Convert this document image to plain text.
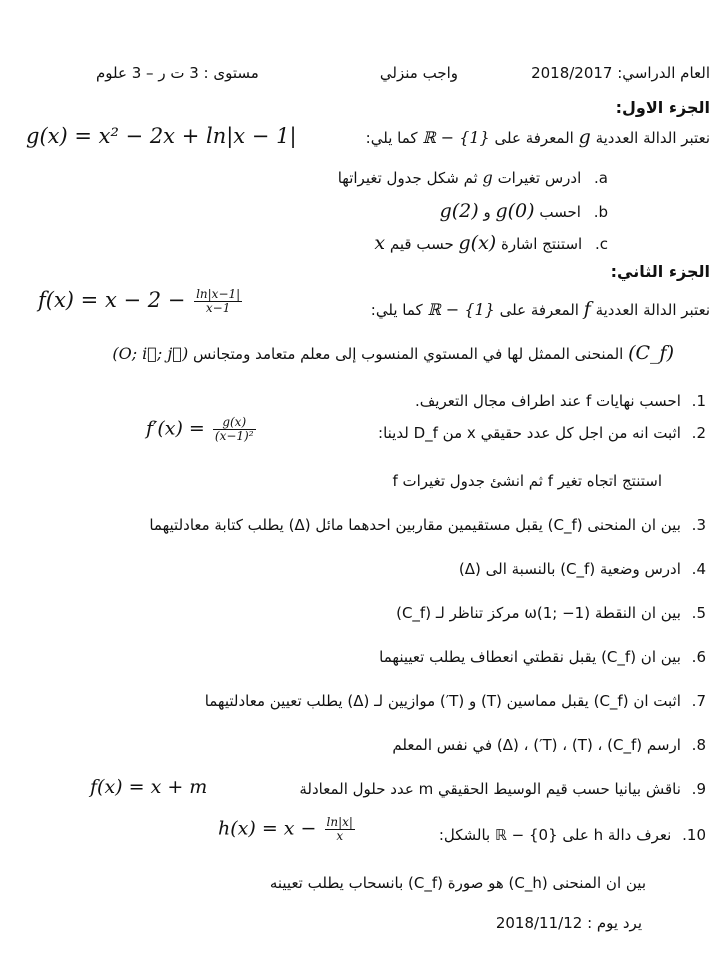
العام الدراسي: 2018/2017
واجب منزلي
مستوى : 3 ت ر – 3 علوم
الجزء الاول:
نعتبر الدالة العددية g المعرفة على ℝ − {1} كما يلي:
g(x) = x² − 2x + ln|x − 1|
a. ادرس تغيرات g ثم شكل جدول تغيراتها
b. احسب g(0) و g(2)
c. استنتج اشارة g(x) حسب قيم x
الجزء الثاني:
نعتبر الدالة العددية f المعرفة على ℝ − {1} كما يلي:
$f(x) = x - 2 - \frac{\ln|x-1|}{x-1}$
(C_f) المنحنى الممثل لها في المستوي المنسوب إلى معلم متعامد ومتجانس (O; i⃗; j⃗)
1. احسب نهايات f عند اطراف مجال التعريف.
2. اثبت انه من اجل كل عدد حقيقي x من D_f لدينا:
$f'(x) = \frac{g(x)}{\text{(x−1)²}}$
استنتج اتجاه تغير f ثم انشئ جدول تغيرات f
3. بين ان المنحنى (C_f) يقبل مستقيمين مقاربين احدهما مائل (Δ) يطلب كتابة معادلتيهما
4. ادرس وضعية (C_f) بالنسبة الى (Δ)
5. بين ان النقطة ω(1; −1) مركز تناظر لـ (C_f)
6. بين ان (C_f) يقبل نقطتي انعطاف يطلب تعيينهما
7. اثبت ان (C_f) يقبل مماسين (T) و (T′) موازيين لـ (Δ) يطلب تعيين معادلتيهما
8. ارسم (C_f) ، (T) ، (T′) ، (Δ) في نفس المعلم
9. ناقش بيانيا حسب قيم الوسيط الحقيقي m عدد حلول المعادلة
f(x) = x + m
10. نعرف دالة h على ℝ − {0} بالشكل:
$h(x) = x - \frac{\ln|x|}{x}$
بين ان المنحنى (C_h) هو صورة (C_f) بانسحاب يطلب تعيينه
يرد يوم : 2018/11/12
